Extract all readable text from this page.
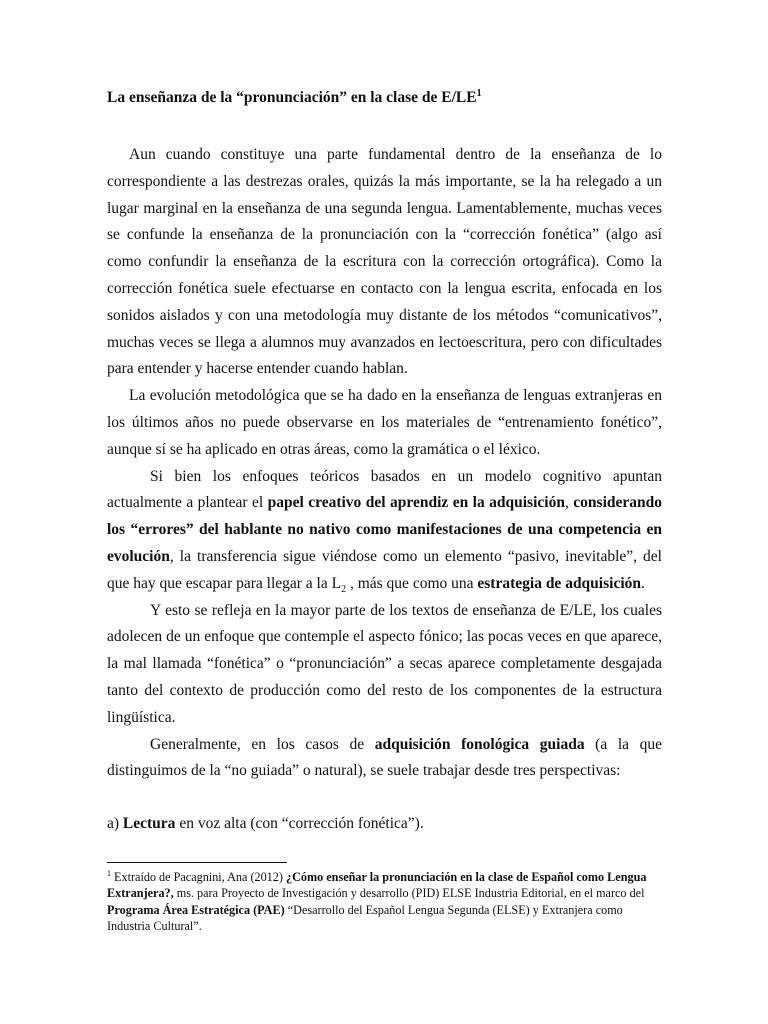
La enseñanza de la “pronunciación” en la clase de $E/LE^1$

Aun cuando constituye una parte fundamental dentro de la enseñanza de lo correspondiente a las destrezas orales, quizás la más importante, se la ha relegado a un lugar marginal en la enseñanza de una segunda lengua. Lamentablemente, muchas veces se confunde la enseñanza de la pronunciación con la “corrección fonética” (algo así como confundir la enseñanza de la escritura con la corrección ortográfica). Como la corrección fonética suele efectuarse en contacto con la lengua escrita, enfocada en los sonidos aislados y con una metodología muy distante de los métodos “comunicativos”, muchas veces se llega a alumnos muy avanzados en lectoescritura, pero con dificultades para entender y hacerse entender cuando hablan.

La evolución metodológica que se ha dado en la enseñanza de lenguas extranjeras en los últimos años no puede observarse en los materiales de “entrenamiento fonético”, aunque sí se ha aplicado en otras áreas, como la gramática o el léxico.

Si bien los enfoques teóricos basados en un modelo cognitivo apuntan actualmente a plantear el papel creativo del aprendiz en la adquisición, considerando los “errores” del hablante no nativo como manifestaciones de una competencia en evolución, la transferencia sigue viéndose como un elemento “pasivo, inevitable”, del que hay que escapar para llegar a la $L_2$ , más que como una estrategia de adquisición.

Y esto se refleja en la mayor parte de los textos de enseñanza de E/LE, los cuales adolecen de un enfoque que contemple el aspecto fónico; las pocas veces en que aparece, la mal llamada “fonética” o “pronunciación” a secas aparece completamente desgajada tanto del contexto de producción como del resto de los componentes de la estructura lingüística.

Generalmente, en los casos de adquisición fonológica guiada (a la que distinguimos de la “no guiada” o natural), se suele trabajar desde tres perspectivas:

a) Lectura en voz alta (con “corrección fonética”).

$^1$ Extraído de Pacagnini, Ana (2012) ¿Cómo enseñar la pronunciación en la clase de Español como Lengua Extranjera?, ms. para Proyecto de Investigación y desarrollo (PID) ELSE Industria Editorial, en el marco del Programa Área Estratégica (PAE) “Desarrollo del Español Lengua Segunda (ELSE) y Extranjera como Industria Cultural”.
